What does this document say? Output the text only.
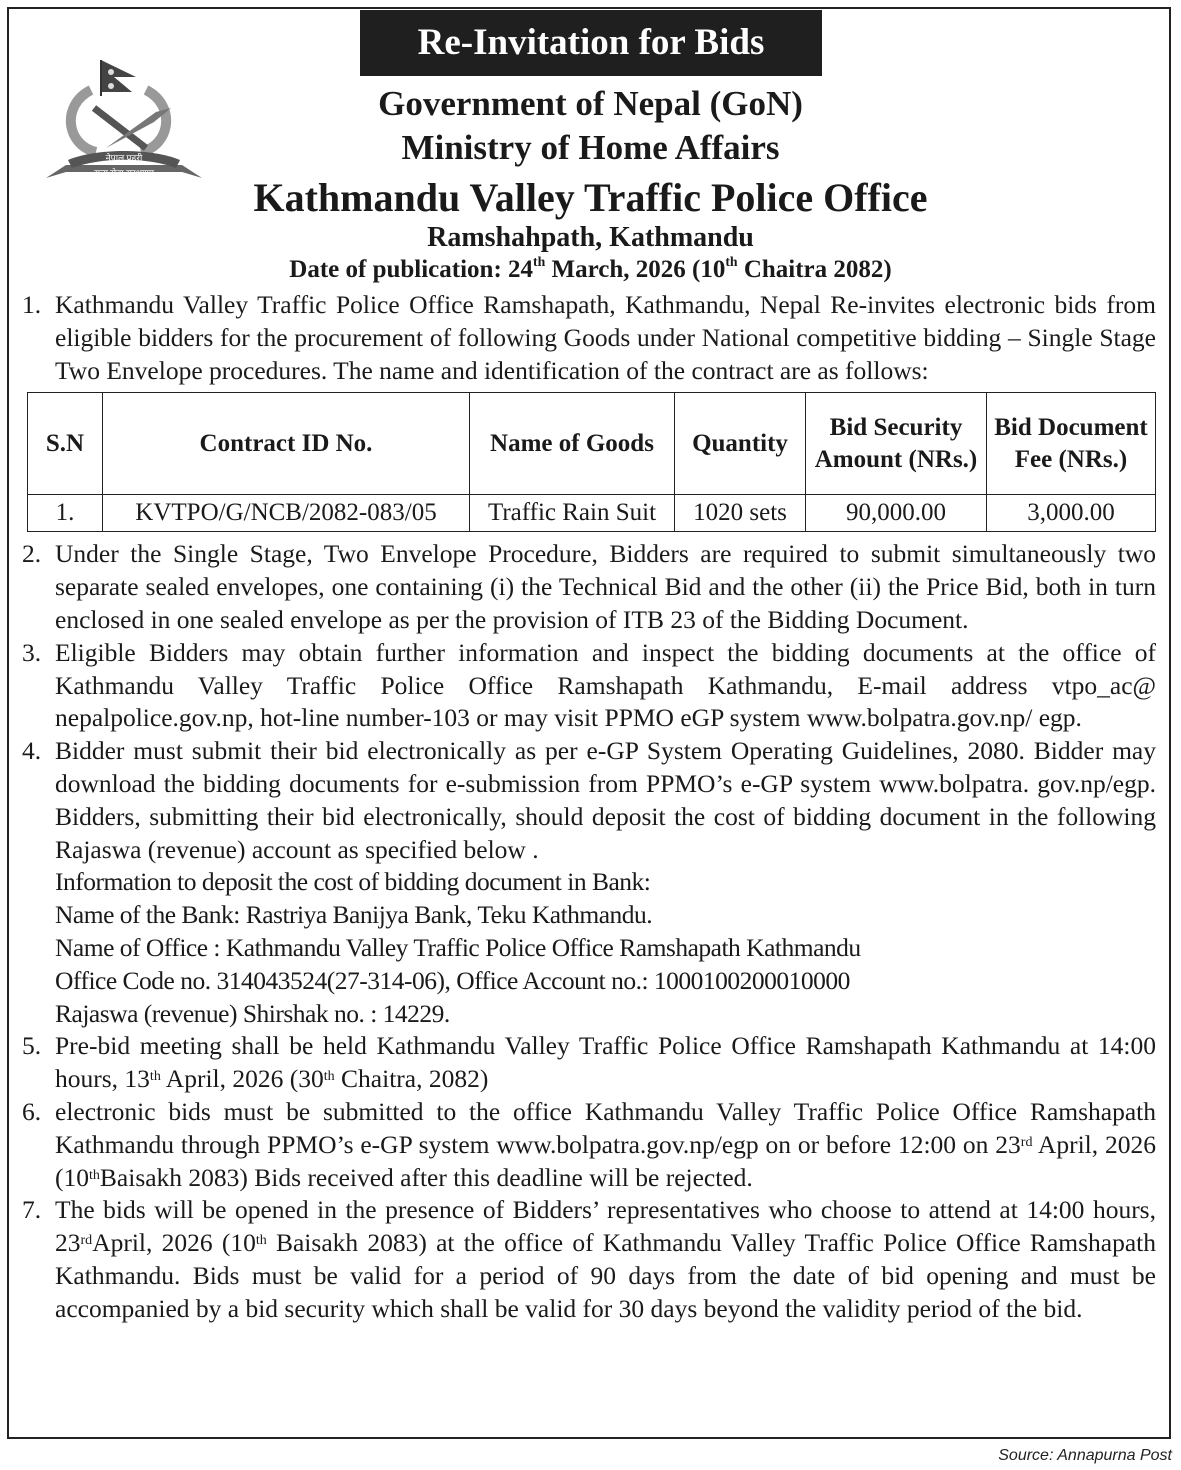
नेपाल प्रहरी
सत्य सेवा सुरक्षणम्
Re-Invitation for Bids
Government of Nepal (GoN)
Ministry of Home Affairs
Kathmandu Valley Traffic Police Office
Ramshahpath, Kathmandu
Date of publication: 24th March, 2026 (10th Chaitra 2082)
1. Kathmandu Valley Traffic Police Office Ramshapath, Kathmandu, Nepal Re-invites electronic bids from eligible bidders for the procurement of following Goods under National competitive bidding – Single Stage Two Envelope procedures. The name and identification of the contract are as follows:
S.N	Contract ID No.	Name of Goods	Quantity	Bid Security Amount (NRs.)	Bid Document Fee (NRs.)
1.	KVTPO/G/NCB/2082-083/05	Traffic Rain Suit	1020 sets	90,000.00	3,000.00
2. Under the Single Stage, Two Envelope Procedure, Bidders are required to submit simultaneously two separate sealed envelopes, one containing (i) the Technical Bid and the other (ii) the Price Bid, both in turn enclosed in one sealed envelope as per the provision of ITB 23 of the Bidding Document.
3. Eligible Bidders may obtain further information and inspect the bidding documents at the office of Kathmandu Valley Traffic Police Office Ramshapath Kathmandu, E-mail address vtpo_ac@ nepalpolice.gov.np, hot-line number-103 or may visit PPMO eGP system www.bolpatra.gov.np/ egp.
4. Bidder must submit their bid electronically as per e-GP System Operating Guidelines, 2080. Bidder may download the bidding documents for e-submission from PPMO’s e-GP system www.bolpatra. gov.np/egp. Bidders, submitting their bid electronically, should deposit the cost of bidding document in the following Rajaswa (revenue) account as specified below .
Information to deposit the cost of bidding document in Bank:
Name of the Bank: Rastriya Banijya Bank, Teku Kathmandu.
Name of Office : Kathmandu Valley Traffic Police Office Ramshapath Kathmandu
Office Code no. 314043524(27-314-06), Office Account no.: 1000100200010000
Rajaswa (revenue) Shirshak no. : 14229.
5. Pre-bid meeting shall be held Kathmandu Valley Traffic Police Office Ramshapath Kathmandu at 14:00 hours, 13th April, 2026 (30th Chaitra, 2082)
6. electronic bids must be submitted to the office Kathmandu Valley Traffic Police Office Ramshapath Kathmandu through PPMO’s e-GP system www.bolpatra.gov.np/egp on or before 12:00 on 23rd April, 2026 (10thBaisakh 2083) Bids received after this deadline will be rejected.
7. The bids will be opened in the presence of Bidders’ representatives who choose to attend at 14:00 hours, 23rdApril, 2026 (10th Baisakh 2083) at the office of Kathmandu Valley Traffic Police Office Ramshapath Kathmandu. Bids must be valid for a period of 90 days from the date of bid opening and must be accompanied by a bid security which shall be valid for 30 days beyond the validity period of the bid.
Source: Annapurna Post
